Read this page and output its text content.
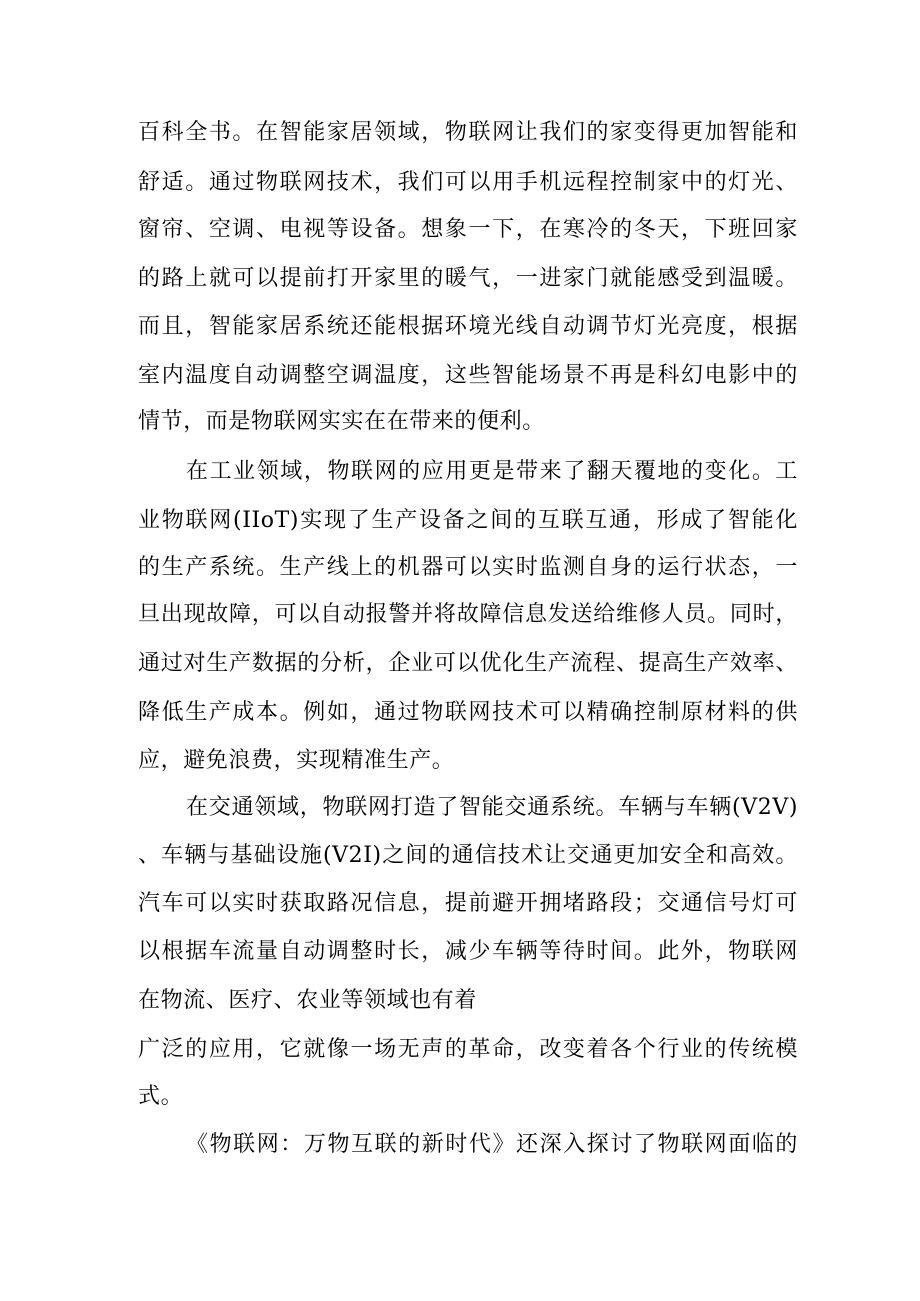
百科全书。在智能家居领域，物联网让我们的家变得更加智能和
舒适。通过物联网技术，我们可以用手机远程控制家中的灯光、
窗帘、空调、电视等设备。想象一下，在寒冷的冬天，下班回家
的路上就可以提前打开家里的暖气，一进家门就能感受到温暖。
而且，智能家居系统还能根据环境光线自动调节灯光亮度，根据
室内温度自动调整空调温度，这些智能场景不再是科幻电影中的
情节，而是物联网实实在在带来的便利。
在工业领域，物联网的应用更是带来了翻天覆地的变化。工
业物联网(IIoT)实现了生产设备之间的互联互通，形成了智能化
的生产系统。生产线上的机器可以实时监测自身的运行状态，一
旦出现故障，可以自动报警并将故障信息发送给维修人员。同时，
通过对生产数据的分析，企业可以优化生产流程、提高生产效率、
降低生产成本。例如，通过物联网技术可以精确控制原材料的供
应，避免浪费，实现精准生产。
在交通领域，物联网打造了智能交通系统。车辆与车辆(V2V)
、车辆与基础设施(V2I)之间的通信技术让交通更加安全和高效。
汽车可以实时获取路况信息，提前避开拥堵路段；交通信号灯可
以根据车流量自动调整时长，减少车辆等待时间。此外，物联网
在物流、医疗、农业等领域也有着
广泛的应用，它就像一场无声的革命，改变着各个行业的传统模
式。
《物联网：万物互联的新时代》还深入探讨了物联网面临的
